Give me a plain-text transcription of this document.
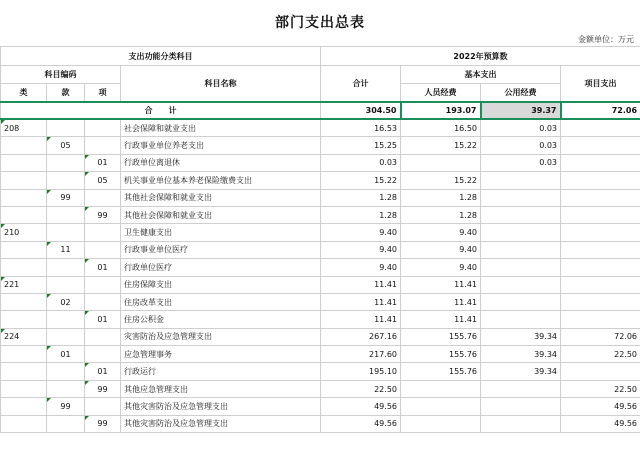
部门支出总表
金额单位：万元
支出功能分类科目				2022年预算数			
科目编码			科目名称	合计	基本支出		项目支出
类	款	项			人员经费	公用经费	
合　　计				304.50	193.07	39.37	72.06
208			社会保障和就业支出	16.53	16.50	0.03	
	05		行政事业单位养老支出	15.25	15.22	0.03	
		01	行政单位离退休	0.03		0.03	
		05	机关事业单位基本养老保险缴费支出	15.22	15.22		
	99		其他社会保障和就业支出	1.28	1.28		
		99	其他社会保障和就业支出	1.28	1.28		
210			卫生健康支出	9.40	9.40		
	11		行政事业单位医疗	9.40	9.40		
		01	行政单位医疗	9.40	9.40		
221			住房保障支出	11.41	11.41		
	02		住房改革支出	11.41	11.41		
		01	住房公积金	11.41	11.41		
224			灾害防治及应急管理支出	267.16	155.76	39.34	72.06
	01		应急管理事务	217.60	155.76	39.34	22.50
		01	行政运行	195.10	155.76	39.34	
		99	其他应急管理支出	22.50			22.50
	99		其他灾害防治及应急管理支出	49.56			49.56
		99	其他灾害防治及应急管理支出	49.56			49.56
